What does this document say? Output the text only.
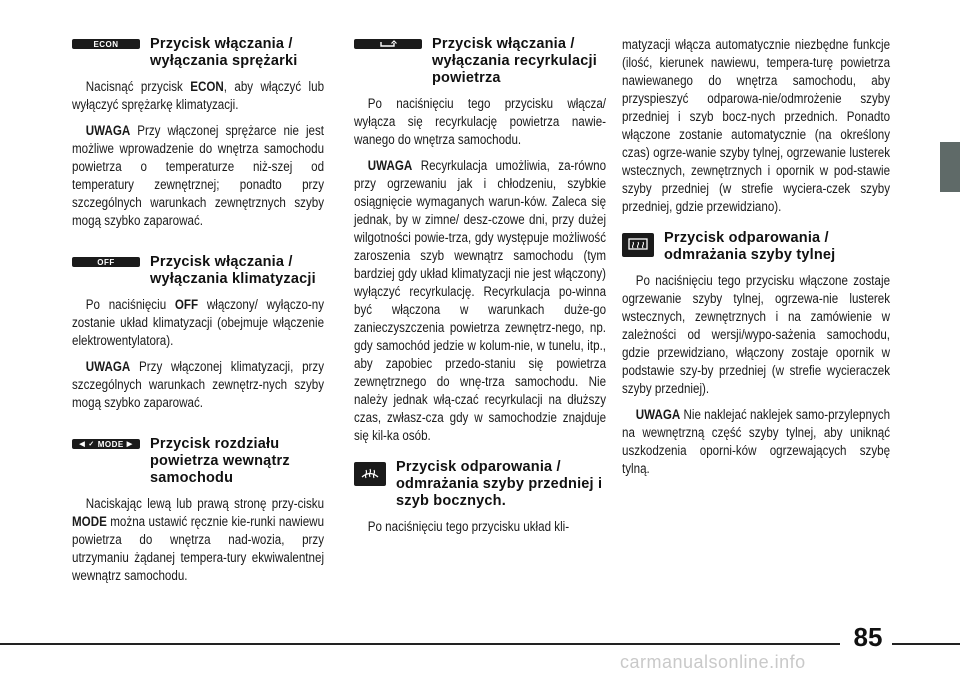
ECON Przycisk włączania / wyłączania sprężarki

Nacisnąć przycisk ECON, aby włączyć lub wyłączyć sprężarkę klimatyzacji.

UWAGA Przy włączonej sprężarce nie jest możliwe wprowadzenie do wnętrza samochodu powietrza o temperaturze niż-szej od temperatury zewnętrznej; ponadto przy szczególnych warunkach zewnętrznych szyby mogą szybko zaparować.

OFF Przycisk włączania / wyłączania klimatyzacji

Po naciśnięciu OFF włączony/ wyłączo-ny zostanie układ klimatyzacji (obejmuje włączenie elektrowentylatora).

UWAGA Przy włączonej klimatyzacji, przy szczególnych warunkach zewnętrz-nych szyby mogą szybko zaparować.

◀ ✓ MODE ▶ Przycisk rozdziału powietrza wewnątrz samochodu

Naciskając lewą lub prawą stronę przy-cisku MODE można ustawić ręcznie kie-runki nawiewu powietrza do wnętrza nad-wozia, przy utrzymaniu żądanej tempera-tury ekwiwalentnej wewnątrz samochodu.

Przycisk włączania / wyłączania recyrkulacji powietrza

Po naciśnięciu tego przycisku włącza/ wyłącza się recyrkulację powietrza nawie-wanego do wnętrza samochodu.

UWAGA Recyrkulacja umożliwia, za-równo przy ogrzewaniu jak i chłodzeniu, szybkie osiągnięcie wymaganych warun-ków. Zaleca się jednak, by w zimne/ desz-czowe dni, przy dużej wilgotności powie-trza, gdy występuje możliwość zaroszenia szyb wewnątrz samochodu (tym bardziej gdy układ klimatyzacji nie jest włączony) wyłączyć recyrkulację. Recyrkulacja po-winna być włączona w warunkach duże-go zanieczyszczenia powietrza zewnętrz-nego, np. gdy samochód jedzie w kolum-nie, w tunelu, itp., aby zapobiec przedo-staniu się powietrza zewnętrznego do wnę-trza samochodu. Nie należy jednak włą-czać recyrkulacji na dłuższy czas, zwłasz-cza gdy w samochodzie znajduje się kil-ka osób.

Przycisk odparowania / odmrażania szyby przedniej i szyb bocznych.

Po naciśnięciu tego przycisku układ kli-

matyzacji włącza automatycznie niezbędne funkcje (ilość, kierunek nawiewu, tempera-turę powietrza nawiewanego do wnętrza samochodu, aby przyspieszyć odparowa-nie/odmrożenie szyby przedniej i szyb bocz-nych przednich. Ponadto włączone zostanie automatycznie (na określony czas) ogrze-wanie szyby tylnej, ogrzewanie lusterek wstecznych, zewnętrznych i opornik w pod-stawie szyby przedniej (w strefie wyciera-czek szyby przedniej, gdzie przewidziano).

Przycisk odparowania / odmrażania szyby tylnej

Po naciśnięciu tego przycisku włączone zostaje ogrzewanie szyby tylnej, ogrzewa-nie lusterek wstecznych, zewnętrznych i na zamówienie w zależności od wersji/wypo-sażenia samochodu, gdzie przewidziano, włączony zostaje opornik w podstawie szy-by przedniej (w strefie wycieraczek szyby przedniej).

UWAGA Nie naklejać naklejek samo-przylepnych na wewnętrzną część szyby tylnej, aby uniknąć uszkodzenia oporni-ków ogrzewających szybę tylną.

85
carmanualsonline.info
